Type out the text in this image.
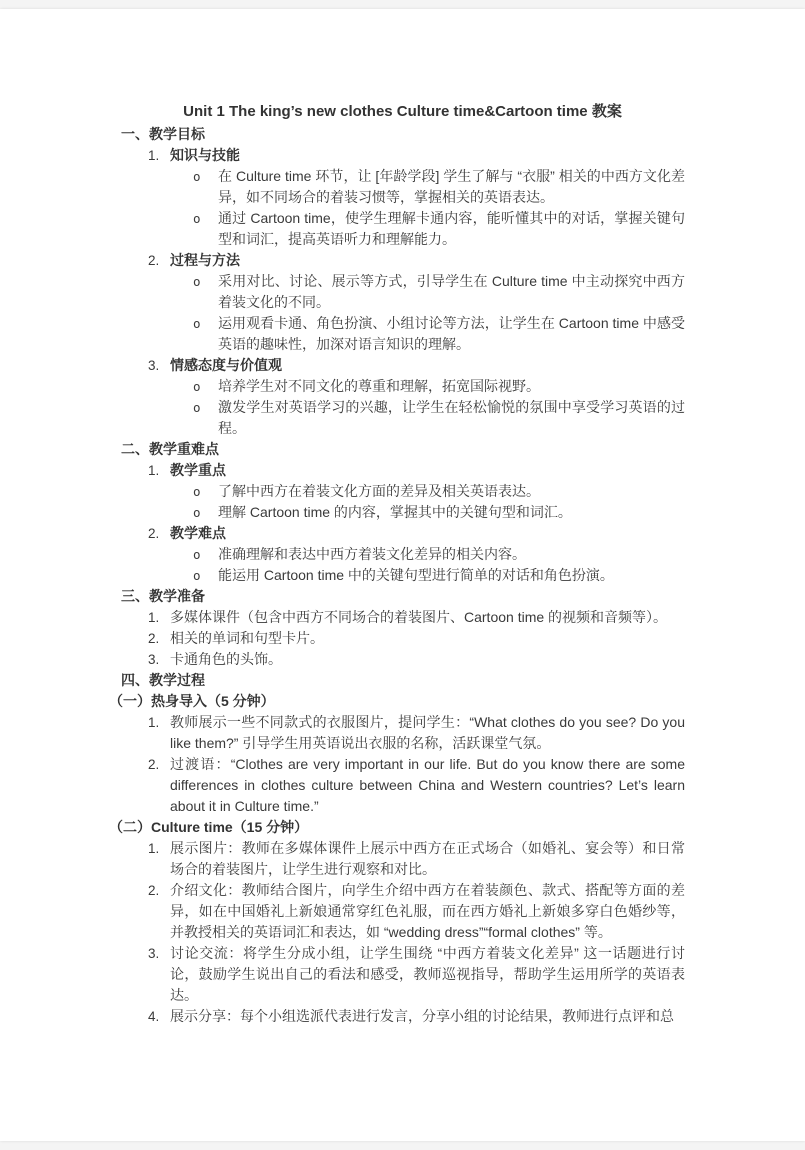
Unit 1 The king’s new clothes Culture time&Cartoon time 教案
一、教学目标
1. 知识与技能
o	在 Culture time 环节，让 [年龄学段] 学生了解与 “衣服” 相关的中西方文化差异，如不同场合的着装习惯等，掌握相关的英语表达。
o	通过 Cartoon time，使学生理解卡通内容，能听懂其中的对话，掌握关键句型和词汇，提高英语听力和理解能力。
2. 过程与方法
o	采用对比、讨论、展示等方式，引导学生在 Culture time 中主动探究中西方着装文化的不同。
o	运用观看卡通、角色扮演、小组讨论等方法，让学生在 Cartoon time 中感受英语的趣味性，加深对语言知识的理解。
3. 情感态度与价值观
o	培养学生对不同文化的尊重和理解，拓宽国际视野。
o	激发学生对英语学习的兴趣，让学生在轻松愉悦的氛围中享受学习英语的过程。
二、教学重难点
1. 教学重点
o	了解中西方在着装文化方面的差异及相关英语表达。
o	理解 Cartoon time 的内容，掌握其中的关键句型和词汇。
2. 教学难点
o	准确理解和表达中西方着装文化差异的相关内容。
o	能运用 Cartoon time 中的关键句型进行简单的对话和角色扮演。
三、教学准备
1. 多媒体课件（包含中西方不同场合的着装图片、Cartoon time 的视频和音频等）。
2. 相关的单词和句型卡片。
3. 卡通角色的头饰。
四、教学过程
（一）热身导入（5 分钟）
1. 教师展示一些不同款式的衣服图片，提问学生：“What clothes do you see? Do you like them?” 引导学生用英语说出衣服的名称，活跃课堂气氛。
2. 过渡语：“Clothes are very important in our life. But do you know there are some differences in clothes culture between China and Western countries? Let’s learn about it in Culture time.”
（二）Culture time（15 分钟）
1. 展示图片：教师在多媒体课件上展示中西方在正式场合（如婚礼、宴会等）和日常场合的着装图片，让学生进行观察和对比。
2. 介绍文化：教师结合图片，向学生介绍中西方在着装颜色、款式、搭配等方面的差异，如在中国婚礼上新娘通常穿红色礼服，而在西方婚礼上新娘多穿白色婚纱等，并教授相关的英语词汇和表达，如 “wedding dress”“formal clothes” 等。
3. 讨论交流：将学生分成小组，让学生围绕 “中西方着装文化差异” 这一话题进行讨论，鼓励学生说出自己的看法和感受，教师巡视指导，帮助学生运用所学的英语表达。
4. 展示分享：每个小组选派代表进行发言，分享小组的讨论结果，教师进行点评和总
